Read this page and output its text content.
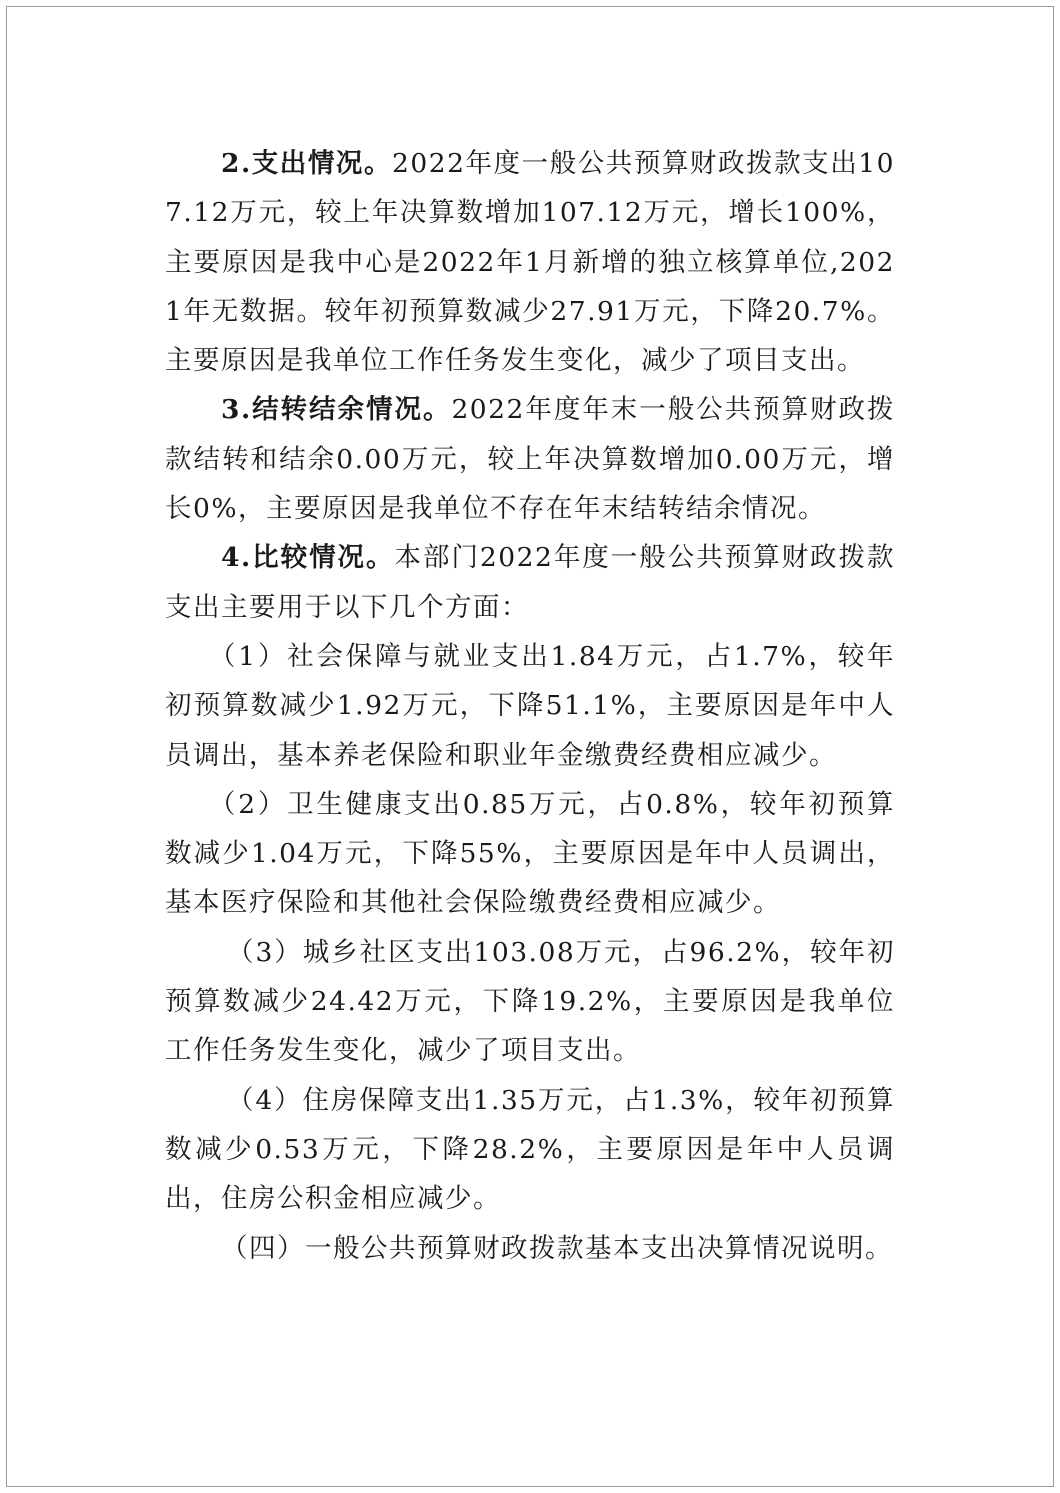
2.支出情况。2022年度一般公共预算财政拨款支出107.12万元，较上年决算数增加107.12万元，增长100%，主要原因是我中心是2022年1月新增的独立核算单位,2021年无数据。较年初预算数减少27.91万元，下降20.7%。主要原因是我单位工作任务发生变化，减少了项目支出。

3.结转结余情况。2022年度年末一般公共预算财政拨款结转和结余0.00万元，较上年决算数增加0.00万元，增长0%，主要原因是我单位不存在年末结转结余情况。

4.比较情况。本部门2022年度一般公共预算财政拨款支出主要用于以下几个方面：

（1）社会保障与就业支出1.84万元，占1.7%，较年初预算数减少1.92万元，下降51.1%，主要原因是年中人员调出，基本养老保险和职业年金缴费经费相应减少。

（2）卫生健康支出0.85万元，占0.8%，较年初预算数减少1.04万元，下降55%，主要原因是年中人员调出，基本医疗保险和其他社会保险缴费经费相应减少。

（3）城乡社区支出103.08万元，占96.2%，较年初预算数减少24.42万元，下降19.2%，主要原因是我单位工作任务发生变化，减少了项目支出。

（4）住房保障支出1.35万元，占1.3%，较年初预算数减少0.53万元，下降28.2%，主要原因是年中人员调出，住房公积金相应减少。

（四）一般公共预算财政拨款基本支出决算情况说明。
